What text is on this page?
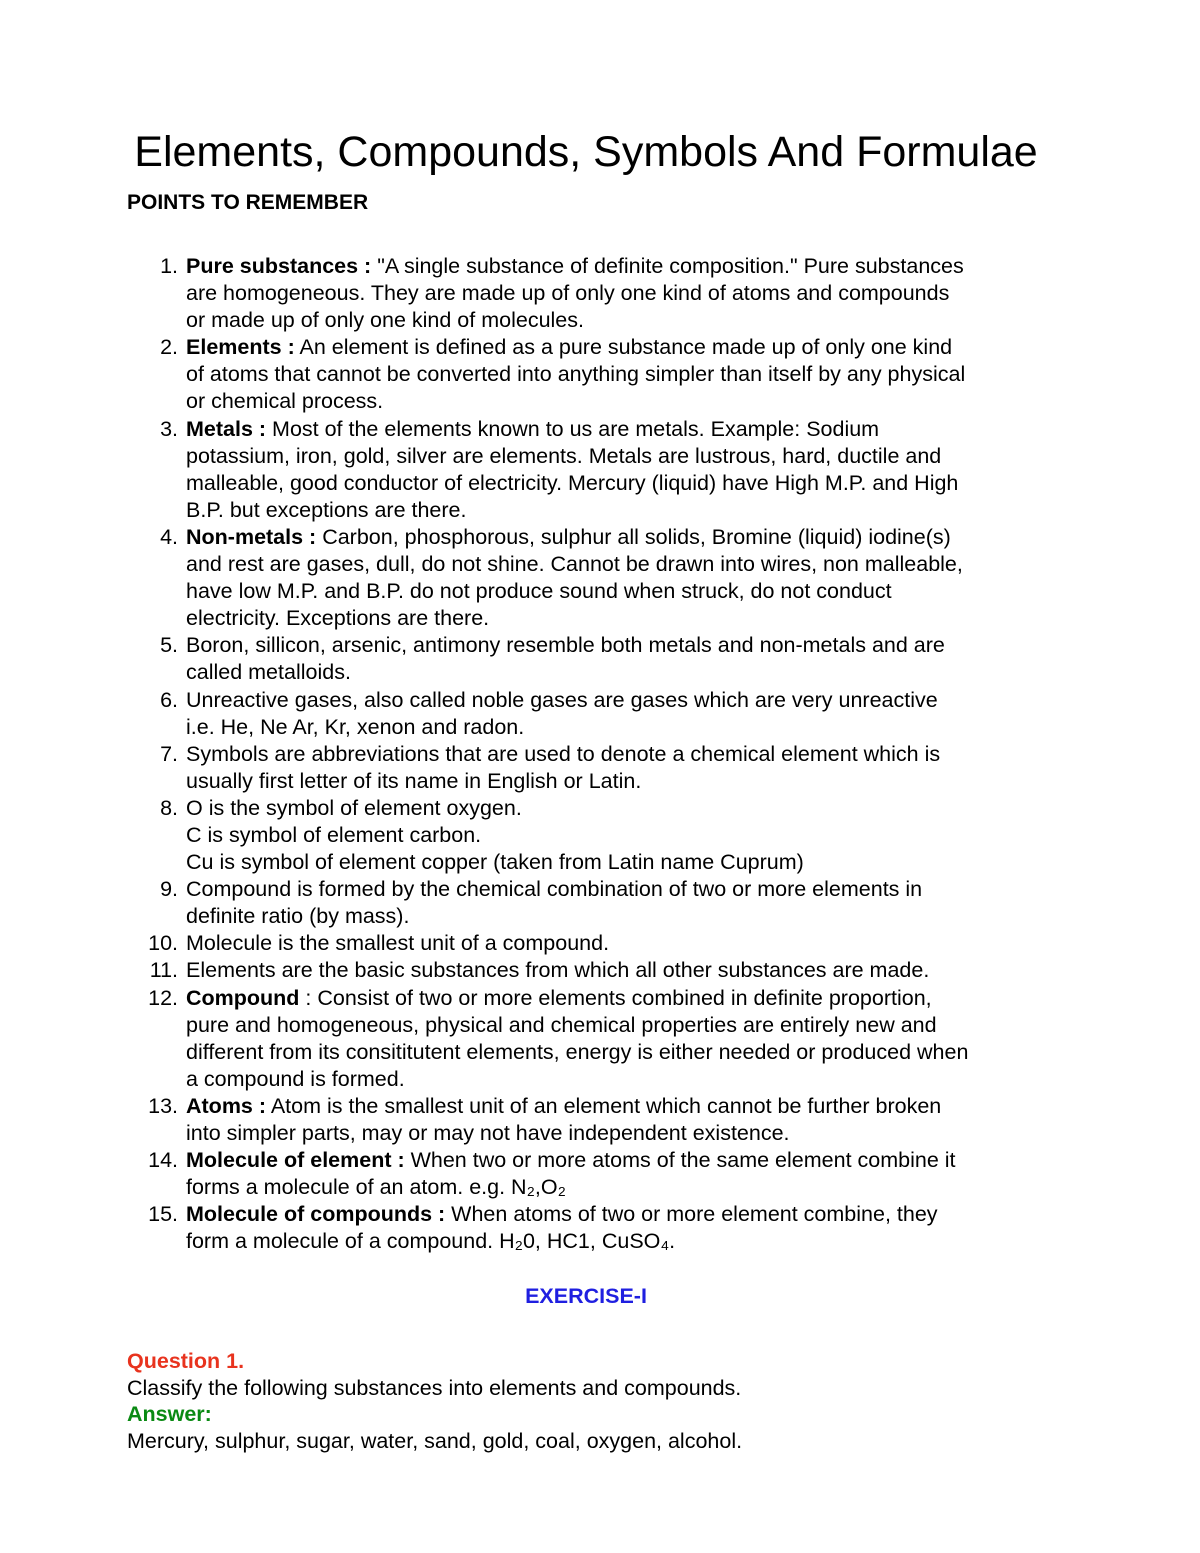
Elements, Compounds, Symbols And Formulae
POINTS TO REMEMBER
1. Pure substances : "A single substance of definite composition." Pure substances
are homogeneous. They are made up of only one kind of atoms and compounds
or made up of only one kind of molecules.
2. Elements : An element is defined as a pure substance made up of only one kind
of atoms that cannot be converted into anything simpler than itself by any physical
or chemical process.
3. Metals : Most of the elements known to us are metals. Example: Sodium
potassium, iron, gold, silver are elements. Metals are lustrous, hard, ductile and
malleable, good conductor of electricity. Mercury (liquid) have High M.P. and High
B.P. but exceptions are there.
4. Non-metals : Carbon, phosphorous, sulphur all solids, Bromine (liquid) iodine(s)
and rest are gases, dull, do not shine. Cannot be drawn into wires, non malleable,
have low M.P. and B.P. do not produce sound when struck, do not conduct
electricity. Exceptions are there.
5. Boron, sillicon, arsenic, antimony resemble both metals and non-metals and are
called metalloids.
6. Unreactive gases, also called noble gases are gases which are very unreactive
i.e. He, Ne Ar, Kr, xenon and radon.
7. Symbols are abbreviations that are used to denote a chemical element which is
usually first letter of its name in English or Latin.
8. O is the symbol of element oxygen.
C is symbol of element carbon.
Cu is symbol of element copper (taken from Latin name Cuprum)
9. Compound is formed by the chemical combination of two or more elements in
definite ratio (by mass).
10. Molecule is the smallest unit of a compound.
11. Elements are the basic substances from which all other substances are made.
12. Compound : Consist of two or more elements combined in definite proportion,
pure and homogeneous, physical and chemical properties are entirely new and
different from its consititutent elements, energy is either needed or produced when
a compound is formed.
13. Atoms : Atom is the smallest unit of an element which cannot be further broken
into simpler parts, may or may not have independent existence.
14. Molecule of element : When two or more atoms of the same element combine it
forms a molecule of an atom. e.g. N₂,O₂
15. Molecule of compounds : When atoms of two or more element combine, they
form a molecule of a compound. H₂0, HC1, CuSO₄.
EXERCISE-I
Question 1.
Classify the following substances into elements and compounds.
Answer:
Mercury, sulphur, sugar, water, sand, gold, coal, oxygen, alcohol.
